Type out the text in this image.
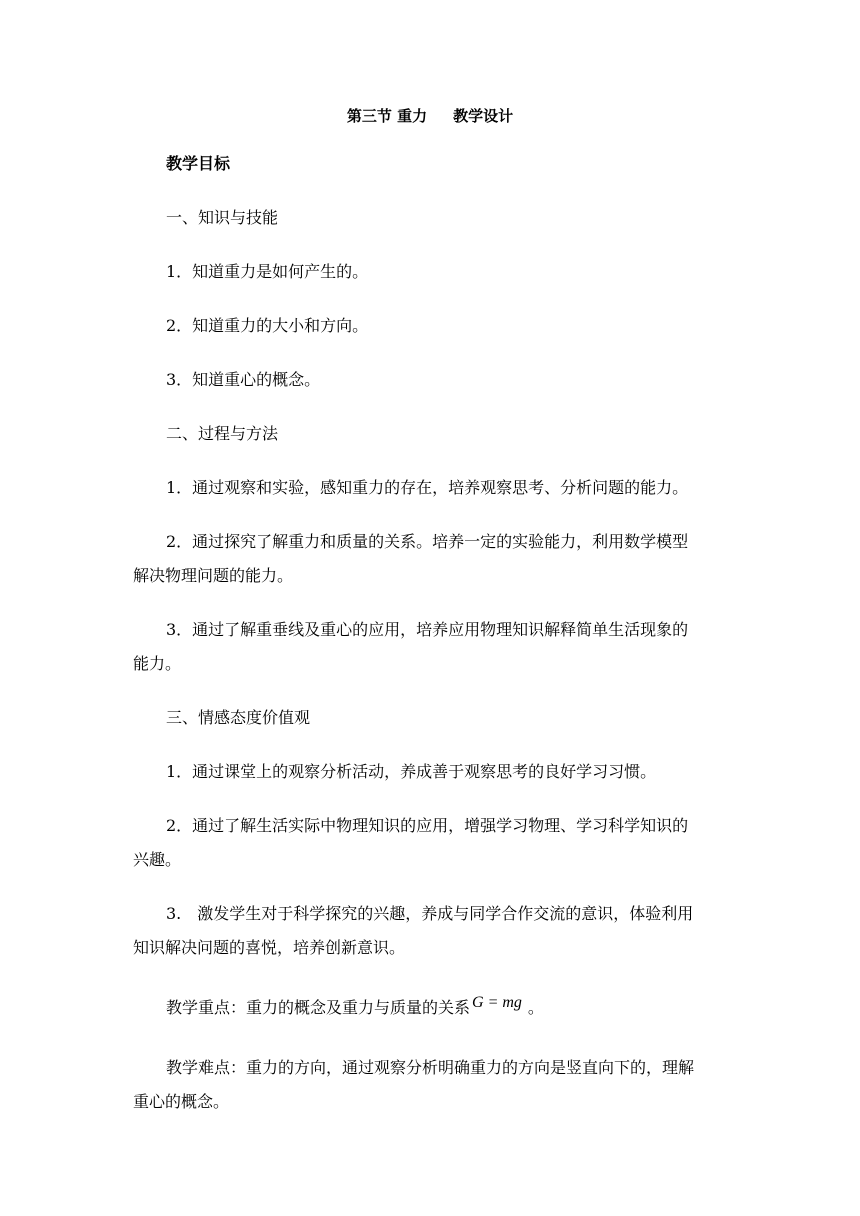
第三节 重力 教学设计
教学目标
一、知识与技能
1．知道重力是如何产生的。
2．知道重力的大小和方向。
3．知道重心的概念。
二、过程与方法
1．通过观察和实验，感知重力的存在，培养观察思考、分析问题的能力。
2．通过探究了解重力和质量的关系。培养一定的实验能力，利用数学模型
解决物理问题的能力。
3．通过了解重垂线及重心的应用，培养应用物理知识解释简单生活现象的
能力。
三、情感态度价值观
1．通过课堂上的观察分析活动，养成善于观察思考的良好学习习惯。
2．通过了解生活实际中物理知识的应用，增强学习物理、学习科学知识的
兴趣。
3.　激发学生对于科学探究的兴趣，养成与同学合作交流的意识，体验利用
知识解决问题的喜悦，培养创新意识。
教学重点：重力的概念及重力与质量的关系 G = mg 。
教学难点：重力的方向，通过观察分析明确重力的方向是竖直向下的，理解
重心的概念。
